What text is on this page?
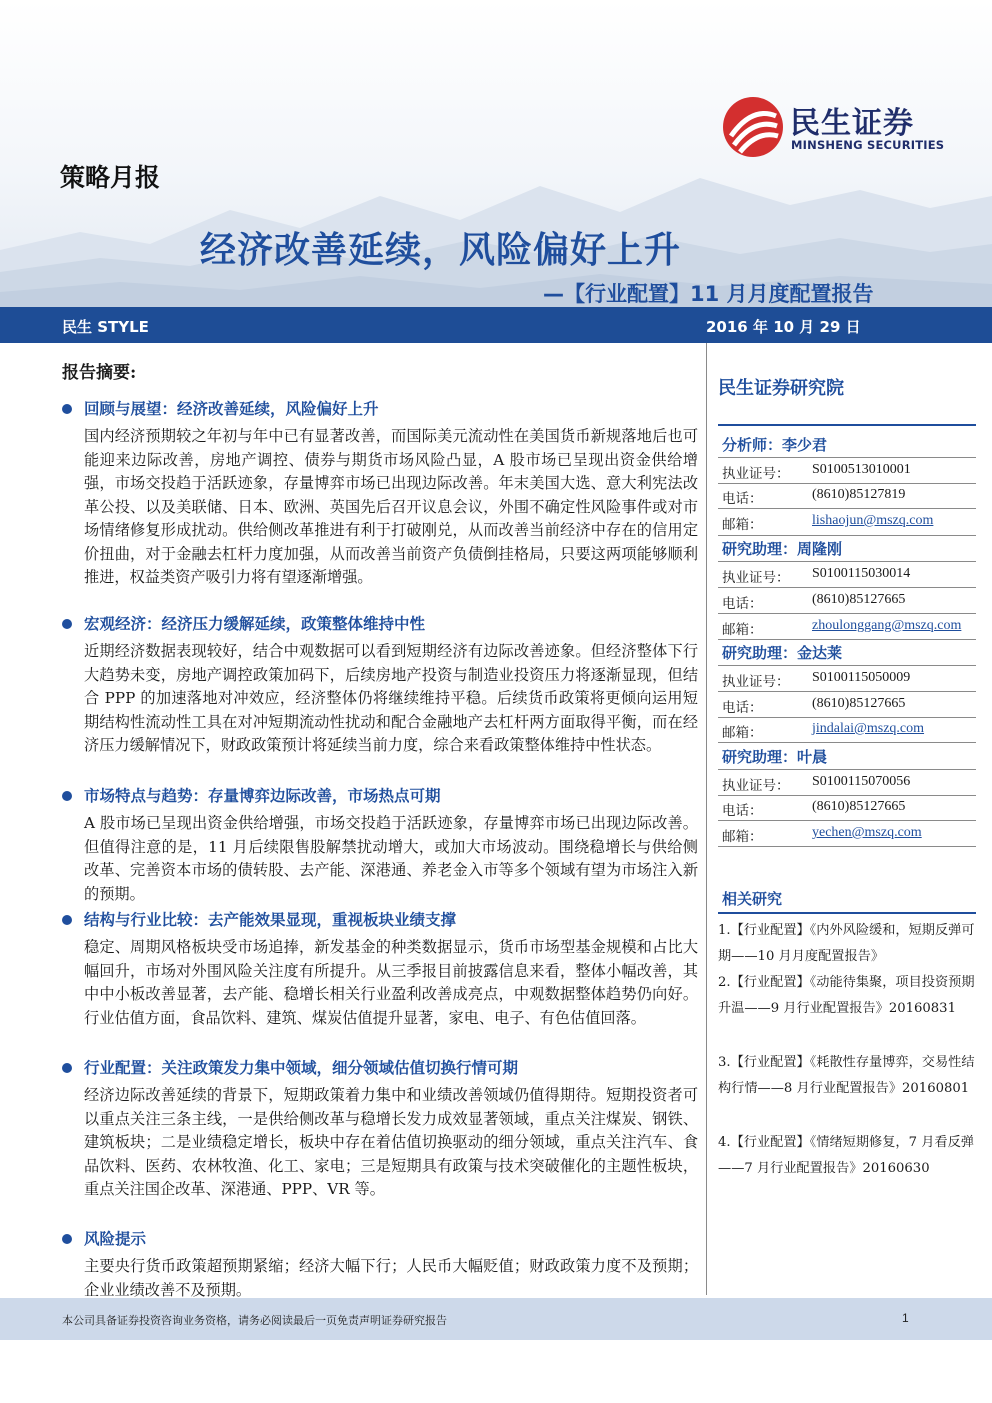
民生证券
MINSHENG SECURITIES
策略月报
经济改善延续，风险偏好上升
—【行业配置】11 月月度配置报告
民生 STYLE	2016 年 10 月 29 日
报告摘要:
回顾与展望：经济改善延续，风险偏好上升
国内经济预期较之年初与年中已有显著改善，而国际美元流动性在美国货币新规落地后也可能迎来边际改善，房地产调控、债券与期货市场风险凸显，A 股市场已呈现出资金供给增强，市场交投趋于活跃迹象，存量博弈市场已出现边际改善。年末美国大选、意大利宪法改革公投、以及美联储、日本、欧洲、英国先后召开议息会议，外围不确定性风险事件或对市场情绪修复形成扰动。供给侧改革推进有利于打破刚兑，从而改善当前经济中存在的信用定价扭曲，对于金融去杠杆力度加强，从而改善当前资产负债倒挂格局，只要这两项能够顺利推进，权益类资产吸引力将有望逐渐增强。
宏观经济：经济压力缓解延续，政策整体维持中性
近期经济数据表现较好，结合中观数据可以看到短期经济有边际改善迹象。但经济整体下行大趋势未变，房地产调控政策加码下，后续房地产投资与制造业投资压力将逐渐显现，但结合 PPP 的加速落地对冲效应，经济整体仍将继续维持平稳。后续货币政策将更倾向运用短期结构性流动性工具在对冲短期流动性扰动和配合金融地产去杠杆两方面取得平衡，而在经济压力缓解情况下，财政政策预计将延续当前力度，综合来看政策整体维持中性状态。
市场特点与趋势：存量博弈边际改善，市场热点可期
A 股市场已呈现出资金供给增强，市场交投趋于活跃迹象，存量博弈市场已出现边际改善。但值得注意的是，11 月后续限售股解禁扰动增大，或加大市场波动。围绕稳增长与供给侧改革、完善资本市场的债转股、去产能、深港通、养老金入市等多个领域有望为市场注入新的预期。
结构与行业比较：去产能效果显现，重视板块业绩支撑
稳定、周期风格板块受市场追捧，新发基金的种类数据显示，货币市场型基金规模和占比大幅回升，市场对外围风险关注度有所提升。从三季报目前披露信息来看，整体小幅改善，其中中小板改善显著，去产能、稳增长相关行业盈利改善成亮点，中观数据整体趋势仍向好。行业估值方面，食品饮料、建筑、煤炭估值提升显著，家电、电子、有色估值回落。
行业配置：关注政策发力集中领域，细分领域估值切换行情可期
经济边际改善延续的背景下，短期政策着力集中和业绩改善领域仍值得期待。短期投资者可以重点关注三条主线，一是供给侧改革与稳增长发力成效显著领域，重点关注煤炭、钢铁、建筑板块；二是业绩稳定增长，板块中存在着估值切换驱动的细分领域，重点关注汽车、食品饮料、医药、农林牧渔、化工、家电；三是短期具有政策与技术突破催化的主题性板块，重点关注国企改革、深港通、PPP、VR 等。
风险提示
主要央行货币政策超预期紧缩；经济大幅下行；人民币大幅贬值；财政政策力度不及预期；企业业绩改善不及预期。
民生证券研究院
分析师：李少君
执业证号： S0100513010001
电话：	(8610)85127819
邮箱：	lishaojun@mszq.com
研究助理：周隆刚
执业证号： S0100115030014
电话：	(8610)85127665
邮箱：	zhoulonggang@mszq.com
研究助理：金达莱
执业证号： S0100115050009
电话：	(8610)85127665
邮箱：	jindalai@mszq.com
研究助理：叶晨
执业证号： S0100115070056
电话：	(8610)85127665
邮箱：	yechen@mszq.com
相关研究
1.【行业配置】《内外风险缓和，短期反弹可期——10 月月度配置报告》
2.【行业配置】《动能待集聚，项目投资预期升温——9 月行业配置报告》20160831
3.【行业配置】《耗散性存量博弈，交易性结构行情——8 月行业配置报告》20160801
4.【行业配置】《情绪短期修复，7 月看反弹——7 月行业配置报告》20160630
本公司具备证券投资咨询业务资格，请务必阅读最后一页免责声明证券研究报告	1
